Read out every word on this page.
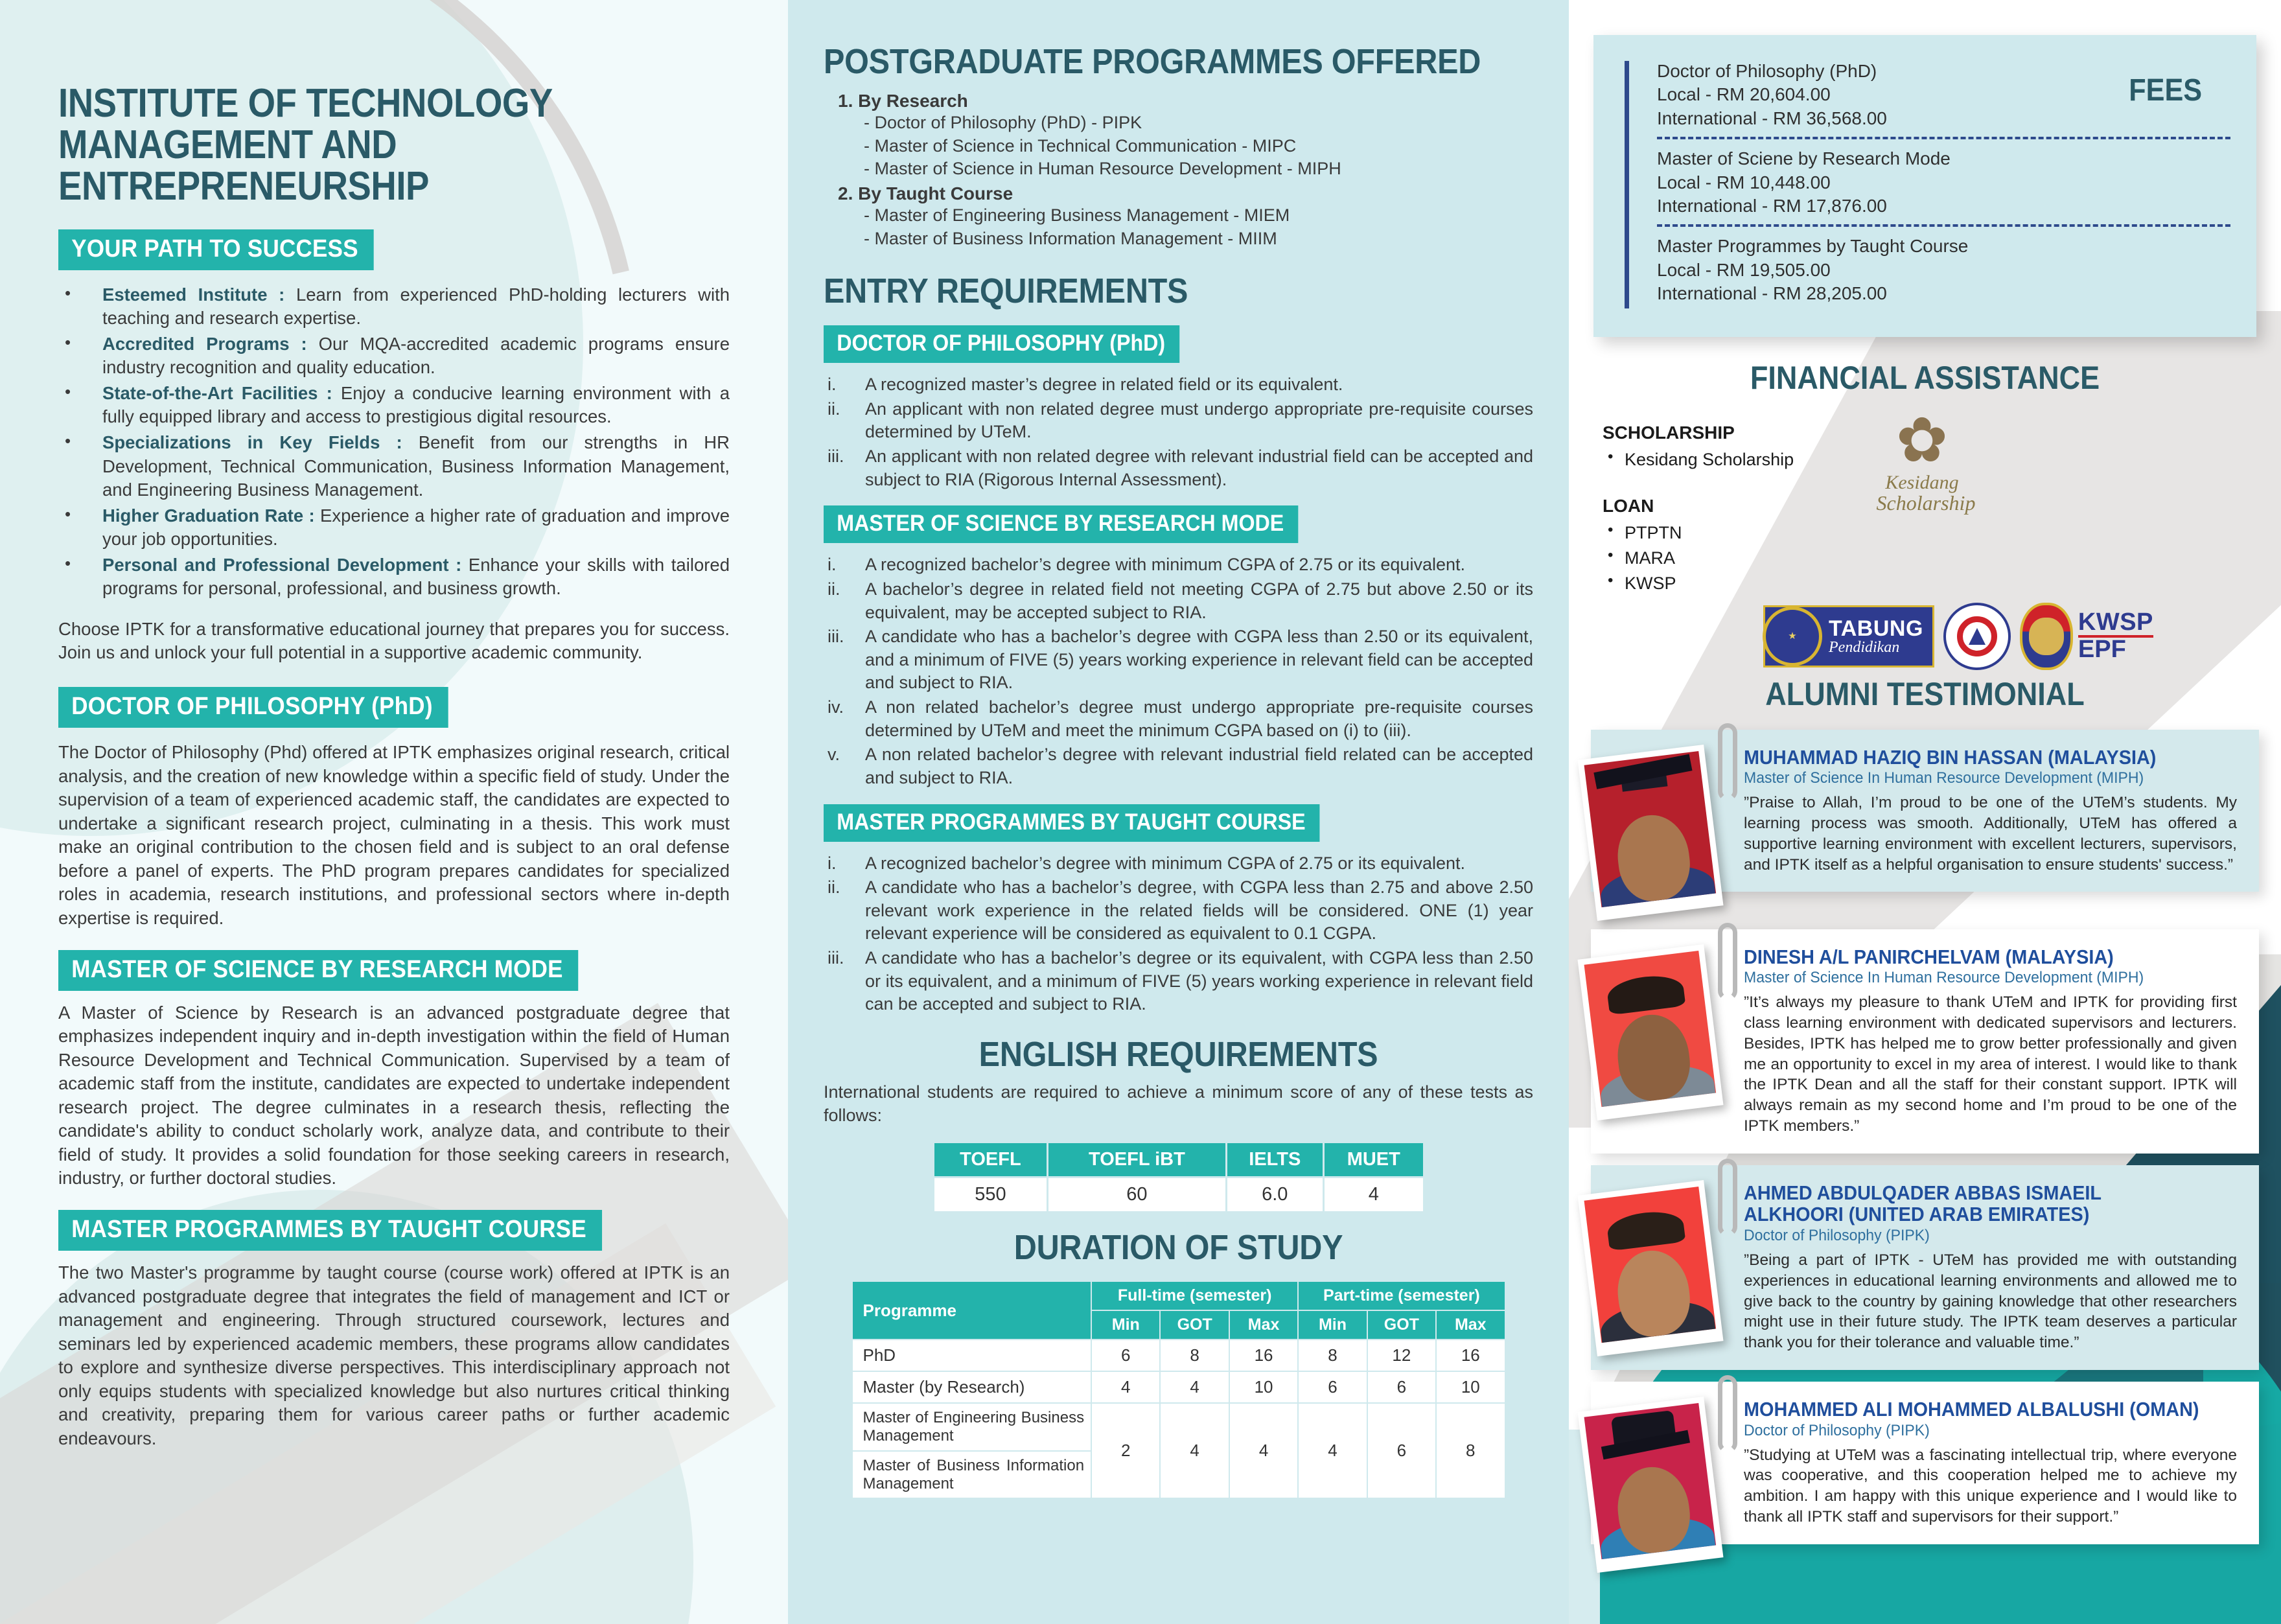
INSTITUTE OF TECHNOLOGY
MANAGEMENT AND ENTREPRENEURSHIP
YOUR PATH TO SUCCESS
• Esteemed Institute : Learn from experienced PhD-holding lecturers with teaching and research expertise.
• Accredited Programs : Our MQA-accredited academic programs ensure industry recognition and quality education.
• State-of-the-Art Facilities : Enjoy a conducive learning environment with a fully equipped library and access to prestigious digital resources.
• Specializations in Key Fields : Benefit from our strengths in HR Development, Technical Communication, Business Information Management, and Engineering Business Management.
• Higher Graduation Rate : Experience a higher rate of graduation and improve your job opportunities.
• Personal and Professional Development : Enhance your skills with tailored programs for personal, professional, and business growth.

Choose IPTK for a transformative educational journey that prepares you for success. Join us and unlock your full potential in a supportive academic community.

DOCTOR OF PHILOSOPHY (PhD)

The Doctor of Philosophy (Phd) offered at IPTK emphasizes original research, critical analysis, and the creation of new knowledge within a specific field of study. Under the supervision of a team of experienced academic staff, the candidates are expected to undertake a significant research project, culminating in a thesis. This work must make an original contribution to the chosen field and is subject to an oral defense before a panel of experts. The PhD program prepares candidates for specialized roles in academia, research institutions, and professional sectors where in-depth expertise is required.

MASTER OF SCIENCE BY RESEARCH MODE

A Master of Science by Research is an advanced postgraduate degree that emphasizes independent inquiry and in-depth investigation within the field of Human Resource Development and Technical Communication. Supervised by a team of academic staff from the institute, candidates are expected to undertake independent research project. The degree culminates in a research thesis, reflecting the candidate's ability to conduct scholarly work, analyze data, and contribute to their field of study. It provides a solid foundation for those seeking careers in research, industry, or further doctoral studies.

MASTER PROGRAMMES BY TAUGHT COURSE

The two Master's programme by taught course (course work) offered at IPTK is an advanced postgraduate degree that integrates the field of management and ICT or management and engineering. Through structured coursework, lectures and seminars led by experienced academic members, these programs allow candidates to explore and synthesize diverse perspectives. This interdisciplinary approach not only equips students with specialized knowledge but also nurtures critical thinking and creativity, preparing them for various career paths or further academic endeavours.

POSTGRADUATE PROGRAMMES OFFERED
1. By Research
- Doctor of Philosophy (PhD) - PIPK
- Master of Science in Technical Communication - MIPC
- Master of Science in Human Resource Development - MIPH
2. By Taught Course
- Master of Engineering Business Management - MIEM
- Master of Business Information Management - MIIM
ENTRY REQUIREMENTS
DOCTOR OF PHILOSOPHY (PhD)
i.	A recognized master’s degree in related field or its equivalent.
ii.	An applicant with non related degree must undergo appropriate pre-requisite courses determined by UTeM.
iii.	An applicant with non related degree with relevant industrial field can be accepted and subject to RIA (Rigorous Internal Assessment).
MASTER OF SCIENCE BY RESEARCH MODE
i.	A recognized bachelor’s degree with minimum CGPA of 2.75 or its equivalent.
ii.	A bachelor’s degree in related field not meeting CGPA of 2.75 but above 2.50 or its equivalent, may be accepted subject to RIA.
iii.	A candidate who has a bachelor’s degree with CGPA less than 2.50 or its equivalent, and a minimum of FIVE (5) years working experience in relevant field can be accepted and subject to RIA.
iv.	A non related bachelor’s degree must undergo appropriate pre-requisite courses determined by UTeM and meet the minimum CGPA based on (i) to (iii).
v.	A non related bachelor’s degree with relevant industrial field related can be accepted and subject to RIA.
MASTER PROGRAMMES BY TAUGHT COURSE
i.	A recognized bachelor’s degree with minimum CGPA of 2.75 or its equivalent.
ii.	A candidate who has a bachelor’s degree, with CGPA less than 2.75 and above 2.50 relevant work experience in the related fields will be considered. ONE (1) year relevant experience will be considered as equivalent to 0.1 CGPA.
iii.	A candidate who has a bachelor’s degree or its equivalent, with CGPA less than 2.50 or its equivalent, and a minimum of FIVE (5) years working experience in relevant field can be accepted and subject to RIA.
ENGLISH REQUIREMENTS

International students are required to achieve a minimum score of any of these tests as follows:

TOEFL	TOEFL iBT	IELTS	MUET
550	60	6.0	4
DURATION OF STUDY
Programme	Full-time (semester)			Part-time (semester)		
	Min	GOT	Max	Min	GOT	Max
PhD	6	8	16	8	12	16
Master (by Research)	4	4	10	6	6	10
Master of Engineering Business Management	2	4	4	4	6	8
Master of Business Information Management						
FEES
Doctor of Philosophy (PhD)
Local - RM 20,604.00
International - RM 36,568.00
Master of Sciene by Research Mode
Local - RM 10,448.00
International - RM 17,876.00
Master Programmes by Taught Course
Local - RM 19,505.00
International - RM 28,205.00
FINANCIAL ASSISTANCE
SCHOLARSHIP
• Kesidang Scholarship
LOAN
• PTPTN
• MARA
• KWSP
✿
Kesidang
Scholarship
★	TABUNG
Pendidikan
KWSP
EPF
ALUMNI TESTIMONIAL
MUHAMMAD HAZIQ BIN HASSAN (MALAYSIA)
Master of Science In Human Resource Development (MIPH)
”Praise to Allah, I’m proud to be one of the UTeM’s students. My learning process was smooth. Additionally, UTeM has offered a supportive learning environment with excellent lecturers, supervisors, and IPTK itself as a helpful organisation to ensure students' success.”
DINESH A/L PANIRCHELVAM (MALAYSIA)
Master of Science In Human Resource Development (MIPH)
”It’s always my pleasure to thank UTeM and IPTK for providing first class learning environment with dedicated supervisors and lecturers. Besides, IPTK has helped me to grow better professionally and given me an opportunity to excel in my area of interest. I would like to thank the IPTK Dean and all the staff for their constant support. IPTK will always remain as my second home and I’m proud to be one of the IPTK members.”
AHMED ABDULQADER ABBAS ISMAEIL ALKHOORI (UNITED ARAB EMIRATES)
Doctor of Philosophy (PIPK)
”Being a part of IPTK - UTeM has provided me with outstanding experiences in educational learning environments and allowed me to give back to the country by gaining knowledge that other researchers might use in their future study. The IPTK team deserves a particular thank you for their tolerance and valuable time.”
MOHAMMED ALI MOHAMMED ALBALUSHI (OMAN)
Doctor of Philosophy (PIPK)
”Studying at UTeM was a fascinating intellectual trip, where everyone was cooperative, and this cooperation helped me to achieve my ambition. I am happy with this unique experience and I would like to thank all IPTK staff and supervisors for their support.”
